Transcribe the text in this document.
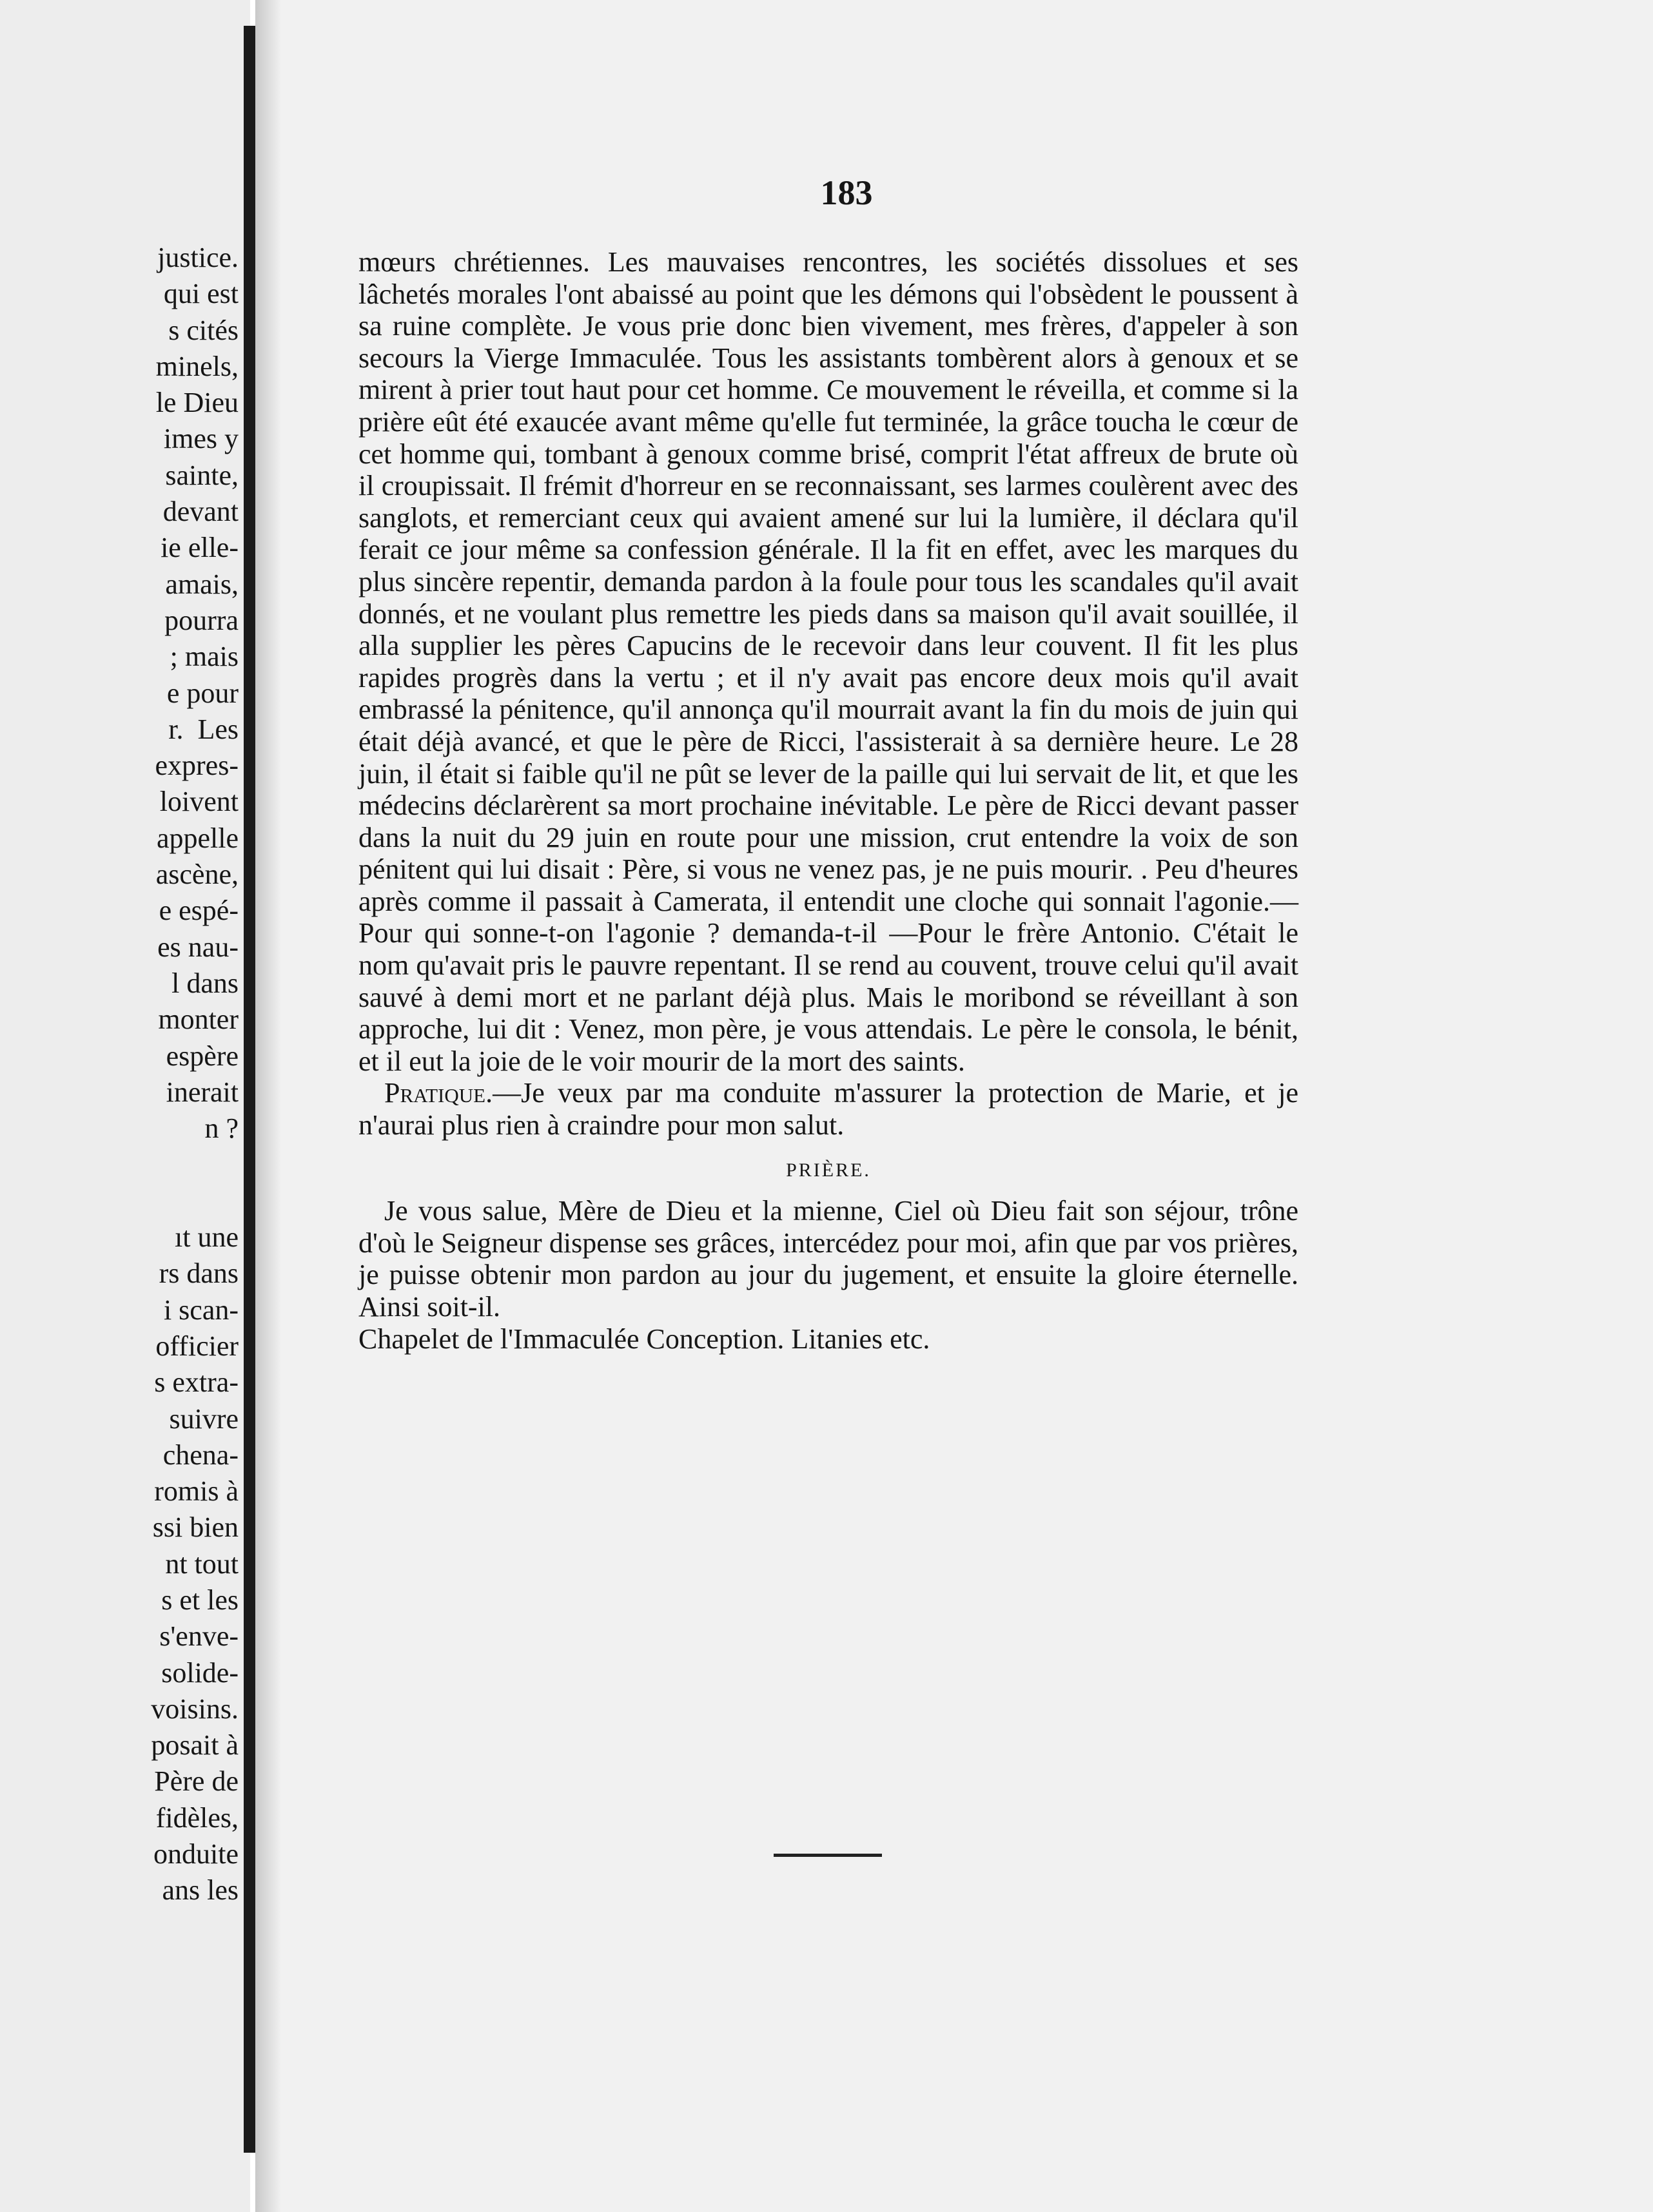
justice.
qui est
s cités
minels,
le Dieu
imes y
sainte,
devant
ie elle-
amais,
pourra
; mais
e pour
r.  Les
expres-
loivent
appelle
ascène,
e espé-
es nau-
l dans
monter
espère
inerait
n ?

ıt une
rs dans
i scan-
officier
s extra-
suivre
chena-
romis à
ssi bien
nt tout
s et les
s'enve-
solide-
voisins.
posait à
Père de
fidèles,
onduite
ans les
183

mœurs chrétiennes. Les mauvaises rencontres, les sociétés dissolues et ses lâchetés morales l'ont abaissé au point que les démons qui l'obsèdent le poussent à sa ruine complète. Je vous prie donc bien vivement, mes frères, d'appeler à son secours la Vierge Immaculée. Tous les assistants tombèrent alors à genoux et se mirent à prier tout haut pour cet homme. Ce mouvement le réveilla, et comme si la prière eût été exaucée avant même qu'elle fut terminée, la grâce toucha le cœur de cet homme qui, tombant à genoux comme brisé, comprit l'état affreux de brute où il croupissait. Il frémit d'horreur en se reconnaissant, ses larmes coulèrent avec des sanglots, et remerciant ceux qui avaient amené sur lui la lumière, il déclara qu'il ferait ce jour même sa confession générale. Il la fit en effet, avec les marques du plus sincère repentir, demanda pardon à la foule pour tous les scandales qu'il avait donnés, et ne voulant plus remettre les pieds dans sa maison qu'il avait souillée, il alla supplier les pères Capucins de le recevoir dans leur couvent. Il fit les plus rapides progrès dans la vertu ; et il n'y avait pas encore deux mois qu'il avait embrassé la pénitence, qu'il annonça qu'il mourrait avant la fin du mois de juin qui était déjà avancé, et que le père de Ricci, l'assisterait à sa dernière heure. Le 28 juin, il était si faible qu'il ne pût se lever de la paille qui lui servait de lit, et que les médecins déclarèrent sa mort prochaine inévitable. Le père de Ricci devant passer dans la nuit du 29 juin en route pour une mission, crut entendre la voix de son pénitent qui lui disait : Père, si vous ne venez pas, je ne puis mourir. . Peu d'heures après comme il passait à Camerata, il entendit une cloche qui sonnait l'agonie.— Pour qui sonne-t-on l'agonie ? demanda-t-il —Pour le frère Antonio. C'était le nom qu'avait pris le pauvre repentant. Il se rend au couvent, trouve celui qu'il avait sauvé à demi mort et ne parlant déjà plus. Mais le moribond se réveillant à son approche, lui dit : Venez, mon père, je vous attendais. Le père le consola, le bénit, et il eut la joie de le voir mourir de la mort des saints.

Pratique.—Je veux par ma conduite m'assurer la protection de Marie, et je n'aurai plus rien à craindre pour mon salut.

PRIÈRE.

Je vous salue, Mère de Dieu et la mienne, Ciel où Dieu fait son séjour, trône d'où le Seigneur dispense ses grâces, intercédez pour moi, afin que par vos prières, je puisse obtenir mon pardon au jour du jugement, et ensuite la gloire éternelle. Ainsi soit-il.

Chapelet de l'Immaculée Conception. Litanies etc.
